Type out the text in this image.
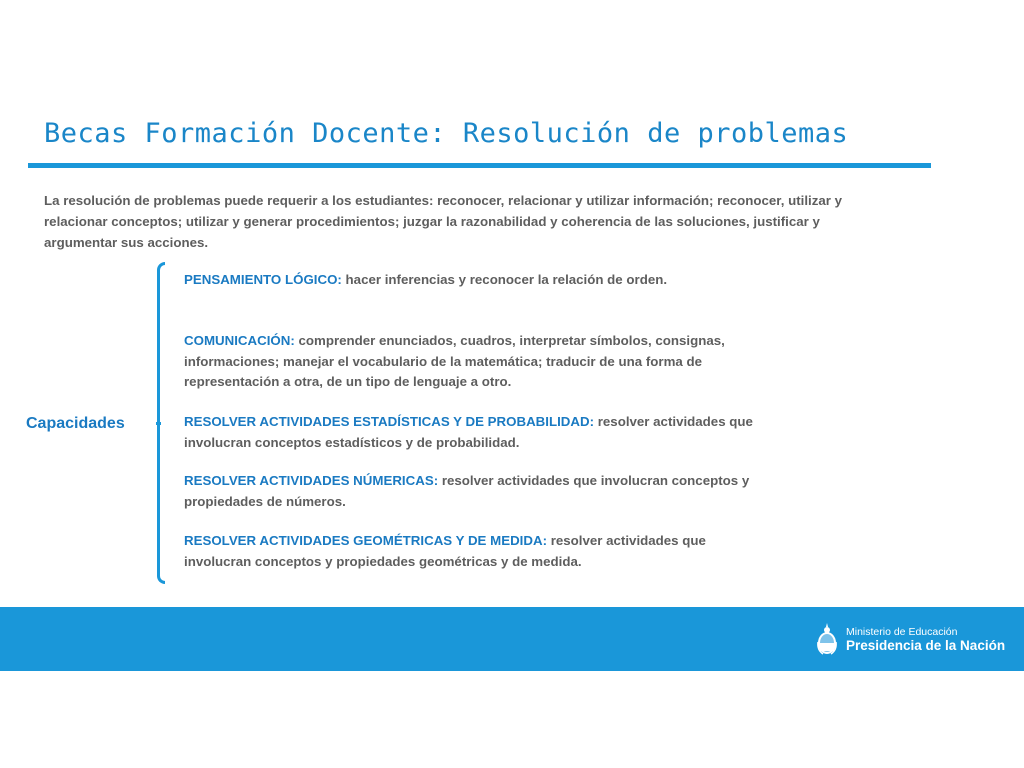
Becas Formación Docente: Resolución de problemas
La resolución de problemas puede requerir a los estudiantes: reconocer, relacionar y utilizar información; reconocer, utilizar y relacionar conceptos; utilizar y generar procedimientos; juzgar la razonabilidad y coherencia de las soluciones, justificar y argumentar sus acciones.
Capacidades
PENSAMIENTO LÓGICO: hacer inferencias y reconocer la relación de orden.
COMUNICACIÓN: comprender enunciados, cuadros, interpretar símbolos, consignas, informaciones; manejar el vocabulario de la matemática; traducir de una forma de representación a otra, de un tipo de lenguaje a otro.
RESOLVER ACTIVIDADES ESTADÍSTICAS Y DE PROBABILIDAD: resolver actividades que involucran conceptos estadísticos y de probabilidad.
RESOLVER ACTIVIDADES NÚMERICAS: resolver actividades que involucran conceptos y propiedades de números.
RESOLVER ACTIVIDADES GEOMÉTRICAS Y DE MEDIDA: resolver actividades que involucran conceptos y propiedades geométricas y de medida.
Ministerio de Educación
Presidencia de la Nación
